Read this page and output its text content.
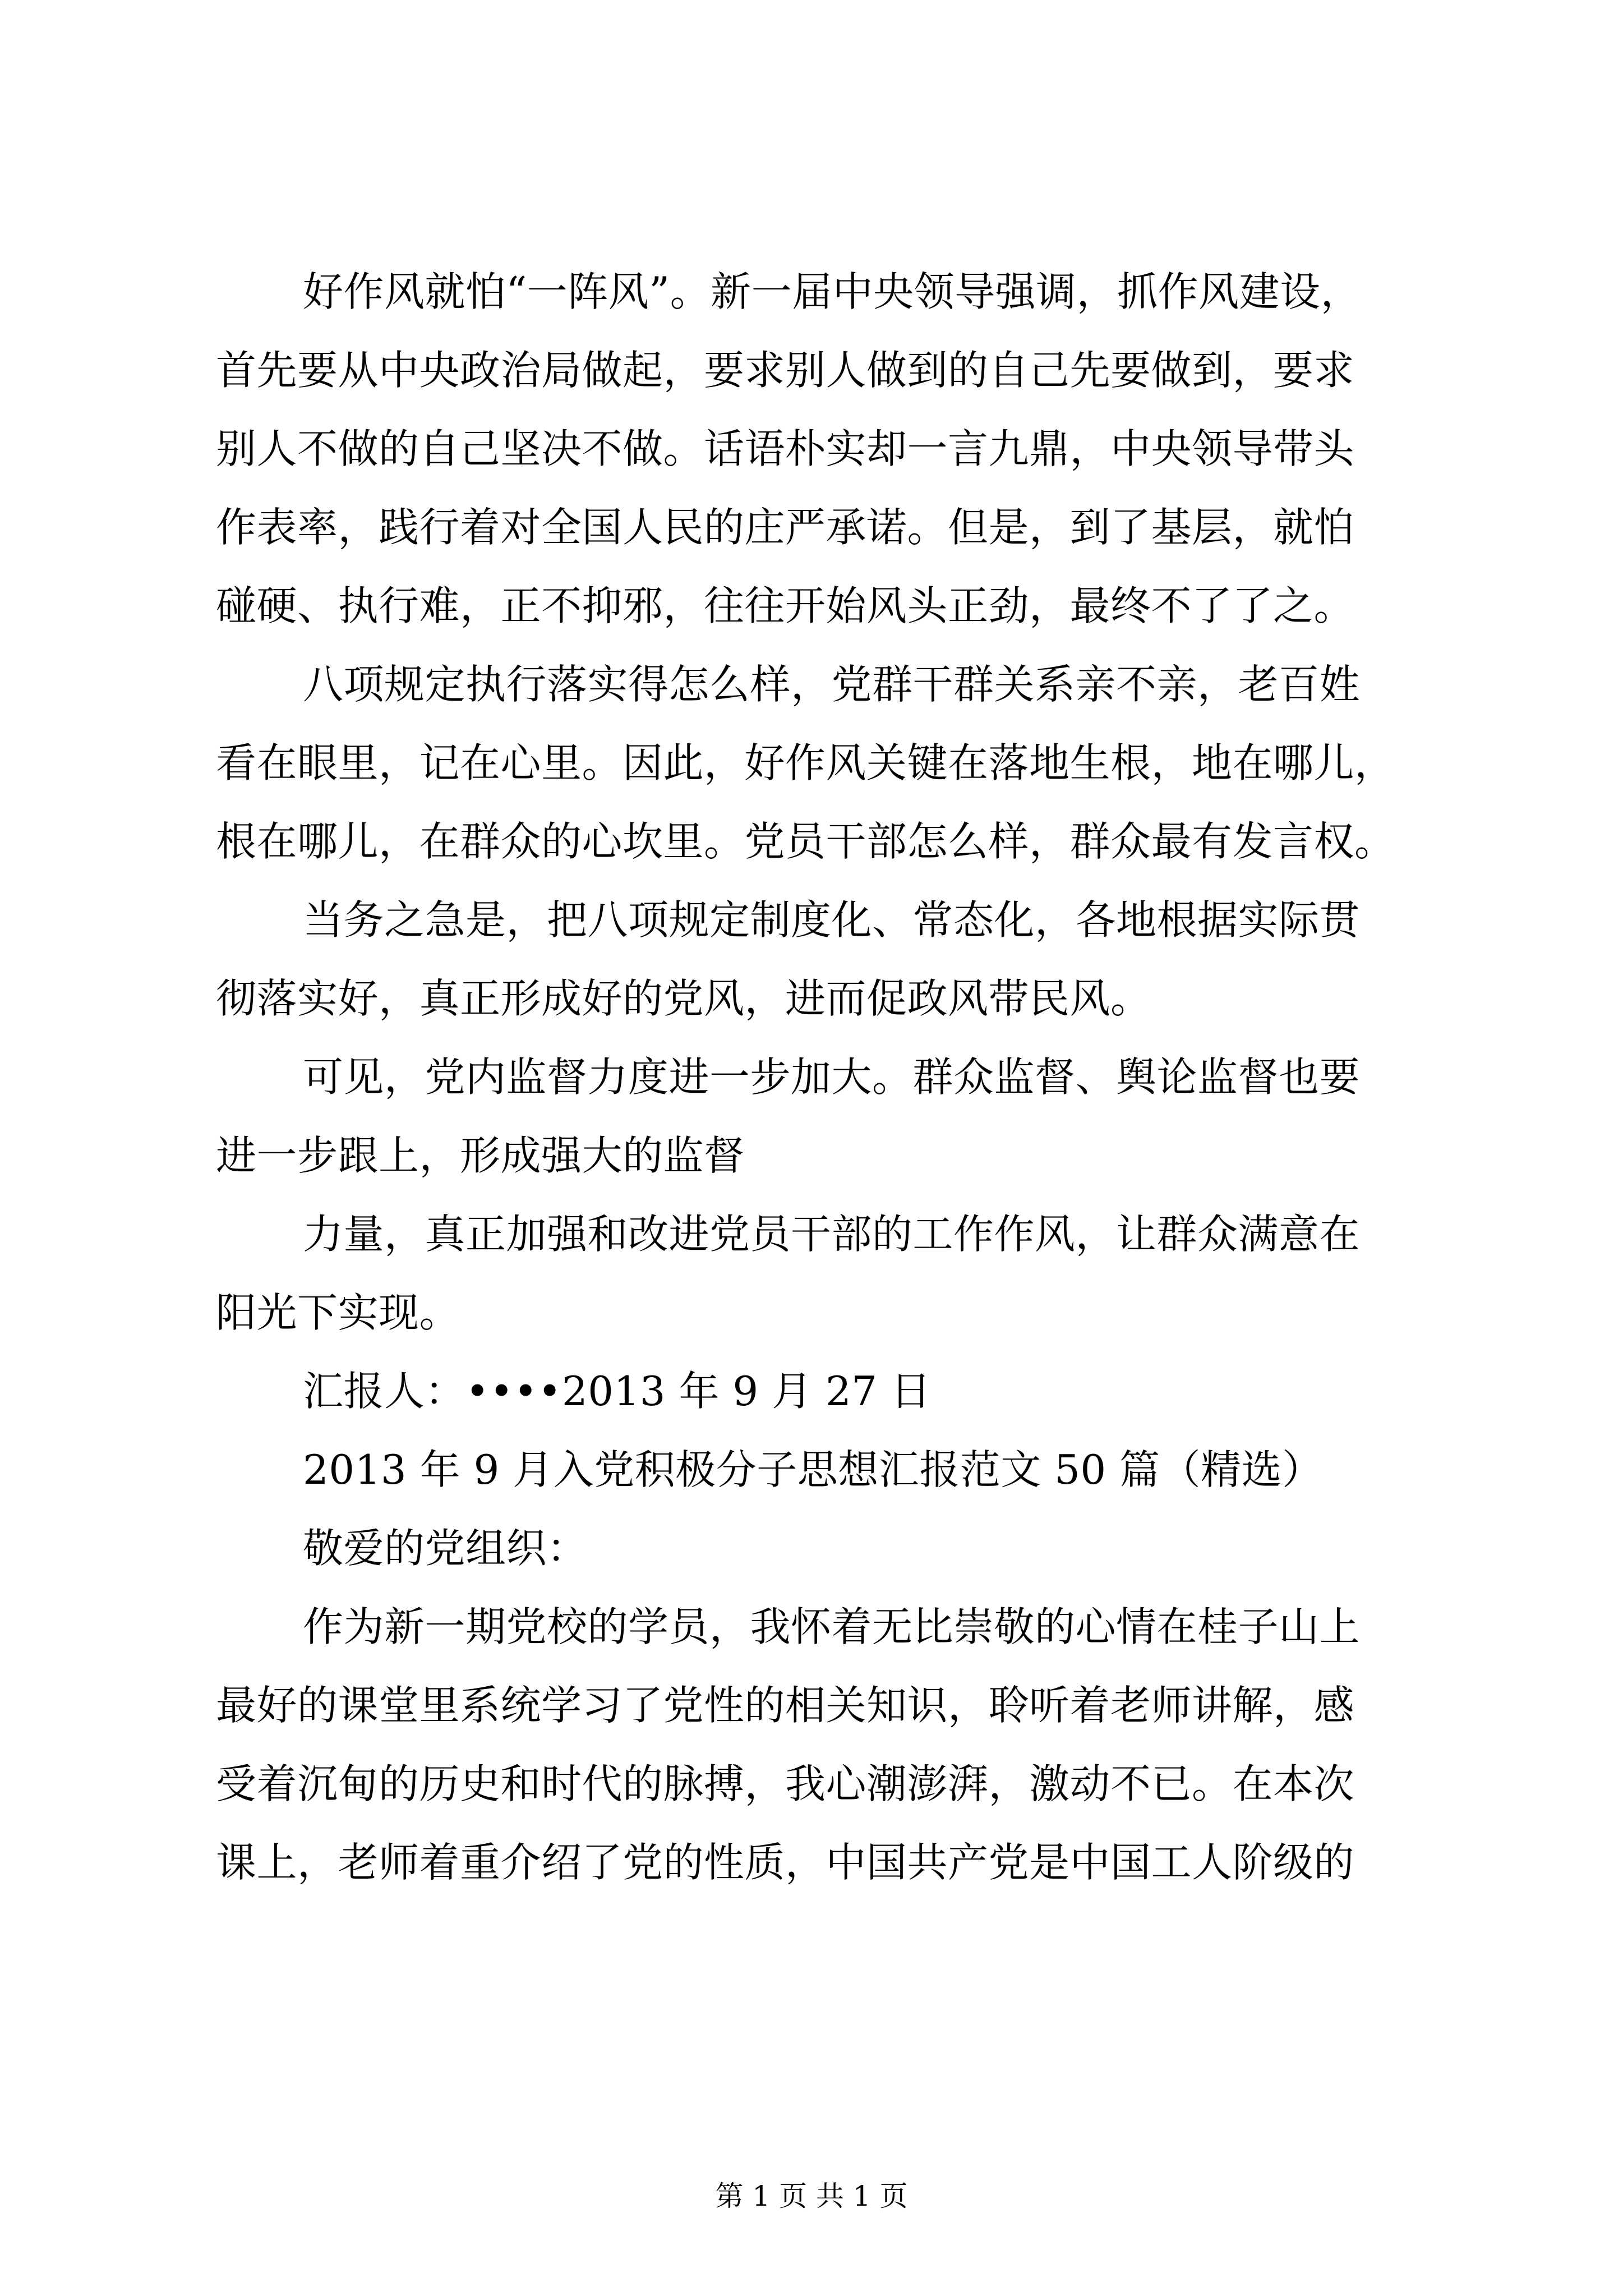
好作风就怕“一阵风”。新一届中央领导强调，抓作风建设，
首先要从中央政治局做起，要求别人做到的自己先要做到，要求
别人不做的自己坚决不做。话语朴实却一言九鼎，中央领导带头
作表率，践行着对全国人民的庄严承诺。但是，到了基层，就怕
碰硬、执行难，正不抑邪，往往开始风头正劲，最终不了了之。
八项规定执行落实得怎么样，党群干群关系亲不亲，老百姓
看在眼里，记在心里。因此，好作风关键在落地生根，地在哪儿，
根在哪儿，在群众的心坎里。党员干部怎么样，群众最有发言权。
当务之急是，把八项规定制度化、常态化，各地根据实际贯
彻落实好，真正形成好的党风，进而促政风带民风。
可见，党内监督力度进一步加大。群众监督、舆论监督也要
进一步跟上，形成强大的监督
力量，真正加强和改进党员干部的工作作风，让群众满意在
阳光下实现。
汇报人：••••2013 年 9 月 27 日
2013 年 9 月入党积极分子思想汇报范文 50 篇（精选）
敬爱的党组织：
作为新一期党校的学员，我怀着无比崇敬的心情在桂子山上
最好的课堂里系统学习了党性的相关知识，聆听着老师讲解，感
受着沉甸的历史和时代的脉搏，我心潮澎湃，激动不已。在本次
课上，老师着重介绍了党的性质，中国共产党是中国工人阶级的
第 1 页 共 1 页
